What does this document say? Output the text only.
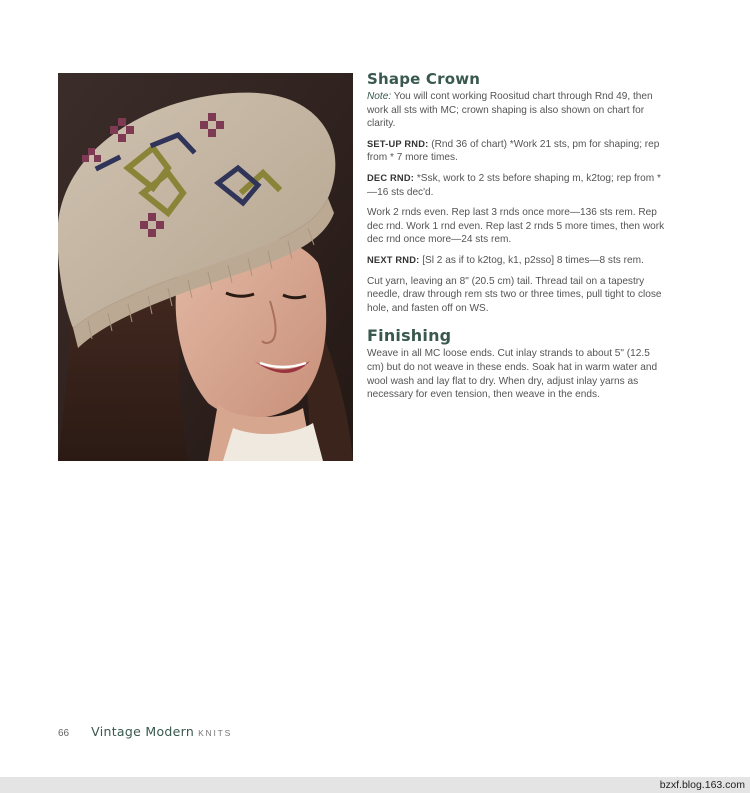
Shape Crown

Note: You will cont working Roositud chart through Rnd 49, then work all sts with MC; crown shaping is also shown on chart for clarity.

SET-UP RND: (Rnd 36 of chart) *Work 21 sts, pm for shaping; rep from * 7 more times.

DEC RND: *Ssk, work to 2 sts before shaping m, k2tog; rep from *—16 sts dec'd.

Work 2 rnds even. Rep last 3 rnds once more—136 sts rem. Rep dec rnd. Work 1 rnd even. Rep last 2 rnds 5 more times, then work dec rnd once more—24 sts rem.

NEXT RND: [Sl 2 as if to k2tog, k1, p2sso] 8 times—8 sts rem.

Cut yarn, leaving an 8" (20.5 cm) tail. Thread tail on a tapestry needle, draw through rem sts two or three times, pull tight to close hole, and fasten off on WS.

Finishing

Weave in all MC loose ends. Cut inlay strands to about 5" (12.5 cm) but do not weave in these ends. Soak hat in warm water and wool wash and lay flat to dry. When dry, adjust inlay yarns as necessary for even tension, then weave in the ends.

66 Vintage Modern KNITS
bzxf.blog.163.com
